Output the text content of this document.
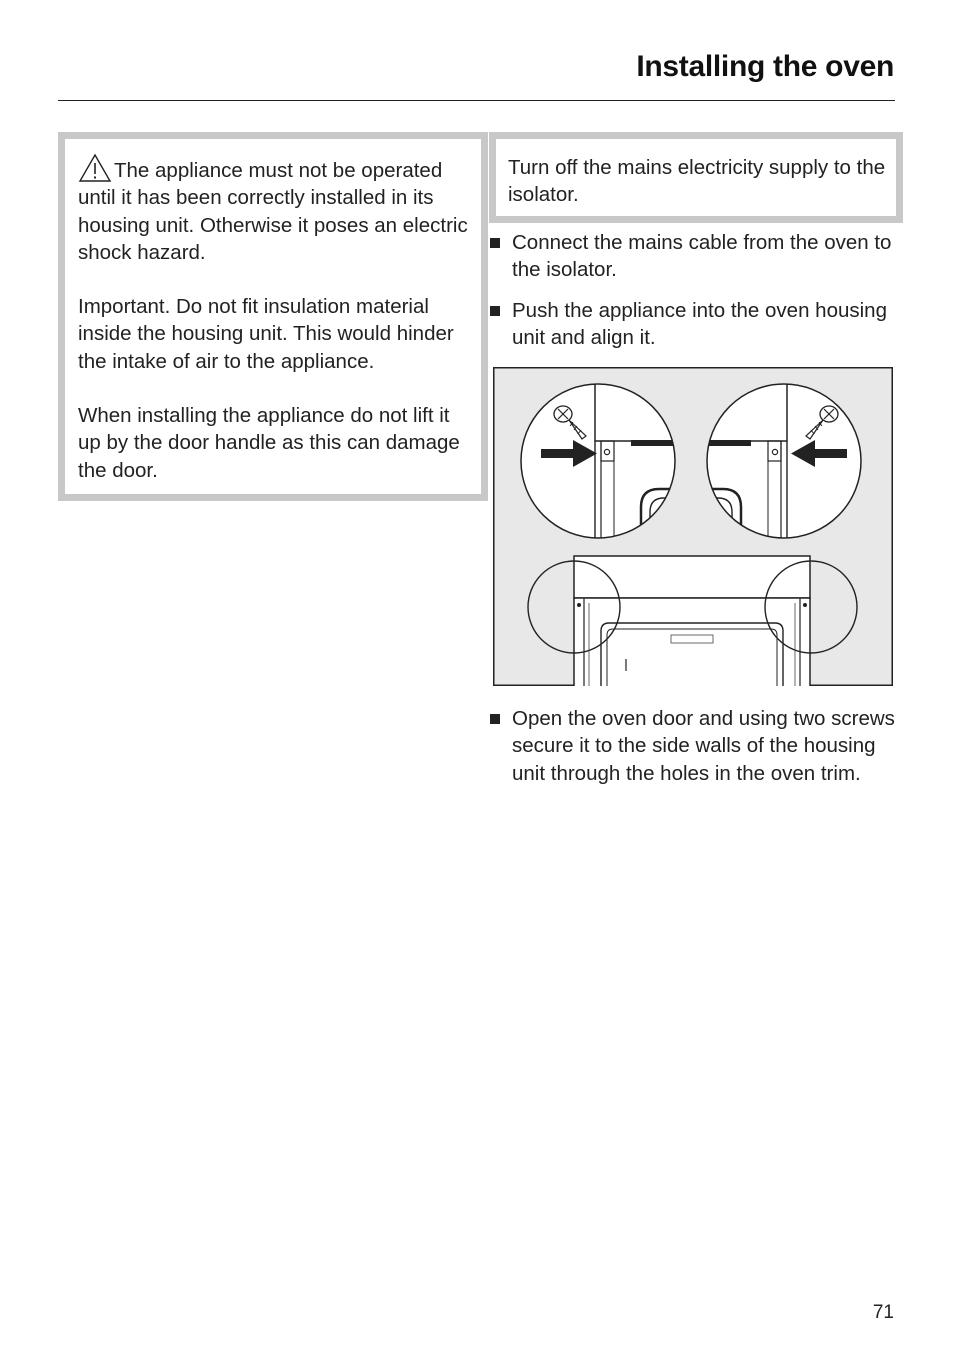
Installing the oven

The appliance must not be operated until it has been correctly installed in its housing unit. Otherwise it poses an electric shock hazard.

Important. Do not fit insulation material inside the housing unit. This would hinder the intake of air to the appliance.

When installing the appliance do not lift it up by the door handle as this can damage the door.

Turn off the mains electricity supply to the isolator.
Connect the mains cable from the oven to the isolator.
Push the appliance into the oven housing unit and align it.
Open the oven door and using two screws secure it to the side walls of the housing unit through the holes in the oven trim.
71
